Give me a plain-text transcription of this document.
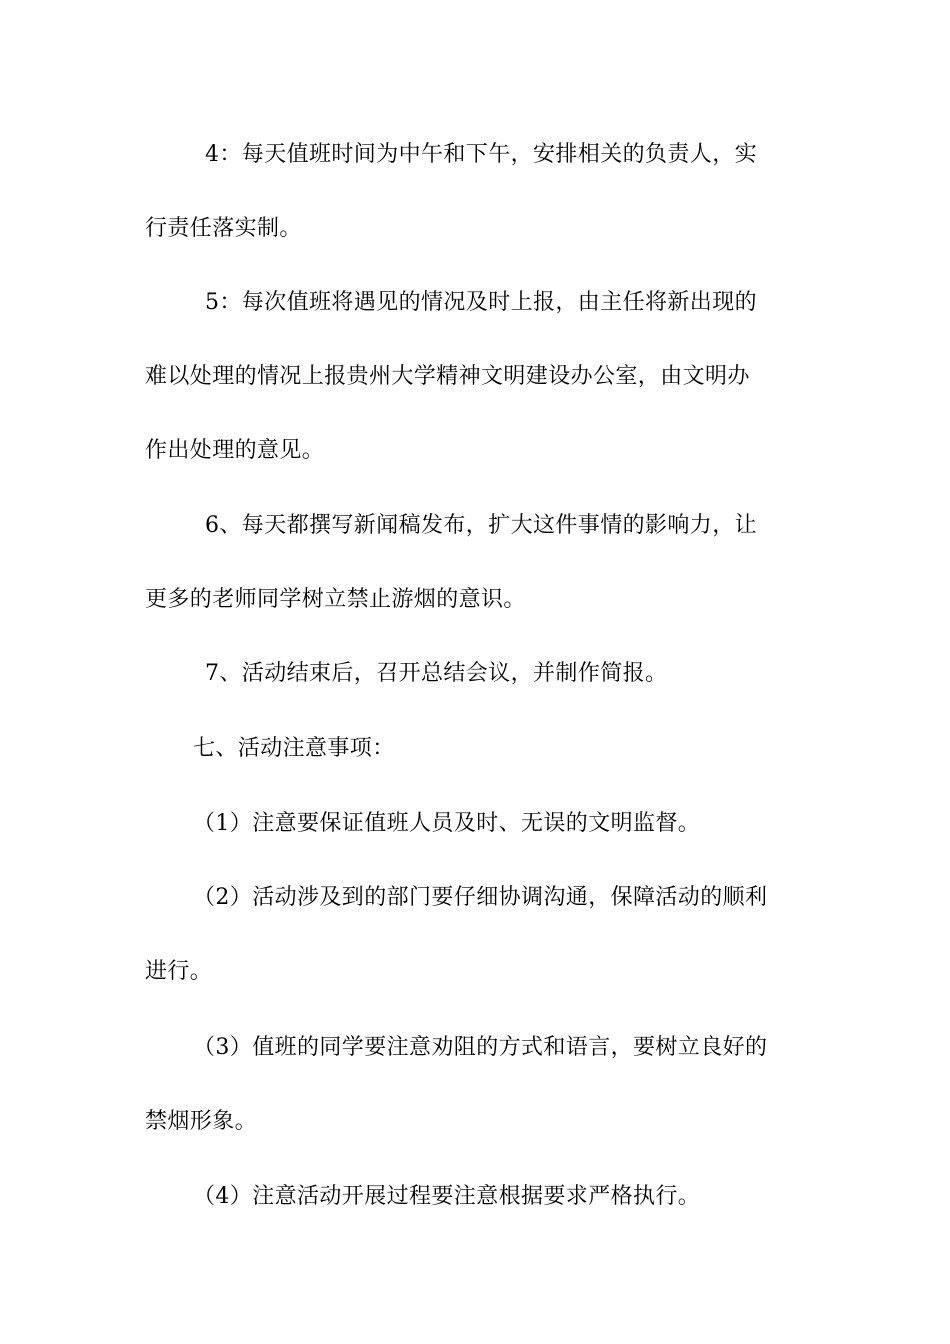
4：每天值班时间为中午和下午，安排相关的负责人，实
行责任落实制。
5：每次值班将遇见的情况及时上报，由主任将新出现的
难以处理的情况上报贵州大学精神文明建设办公室，由文明办
作出处理的意见。
6、每天都撰写新闻稿发布，扩大这件事情的影响力，让
更多的老师同学树立禁止游烟的意识。
7、活动结束后，召开总结会议，并制作简报。
七、活动注意事项：
（1）注意要保证值班人员及时、无误的文明监督。
（2）活动涉及到的部门要仔细协调沟通，保障活动的顺利
进行。
（3）值班的同学要注意劝阻的方式和语言，要树立良好的
禁烟形象。
（4）注意活动开展过程要注意根据要求严格执行。
